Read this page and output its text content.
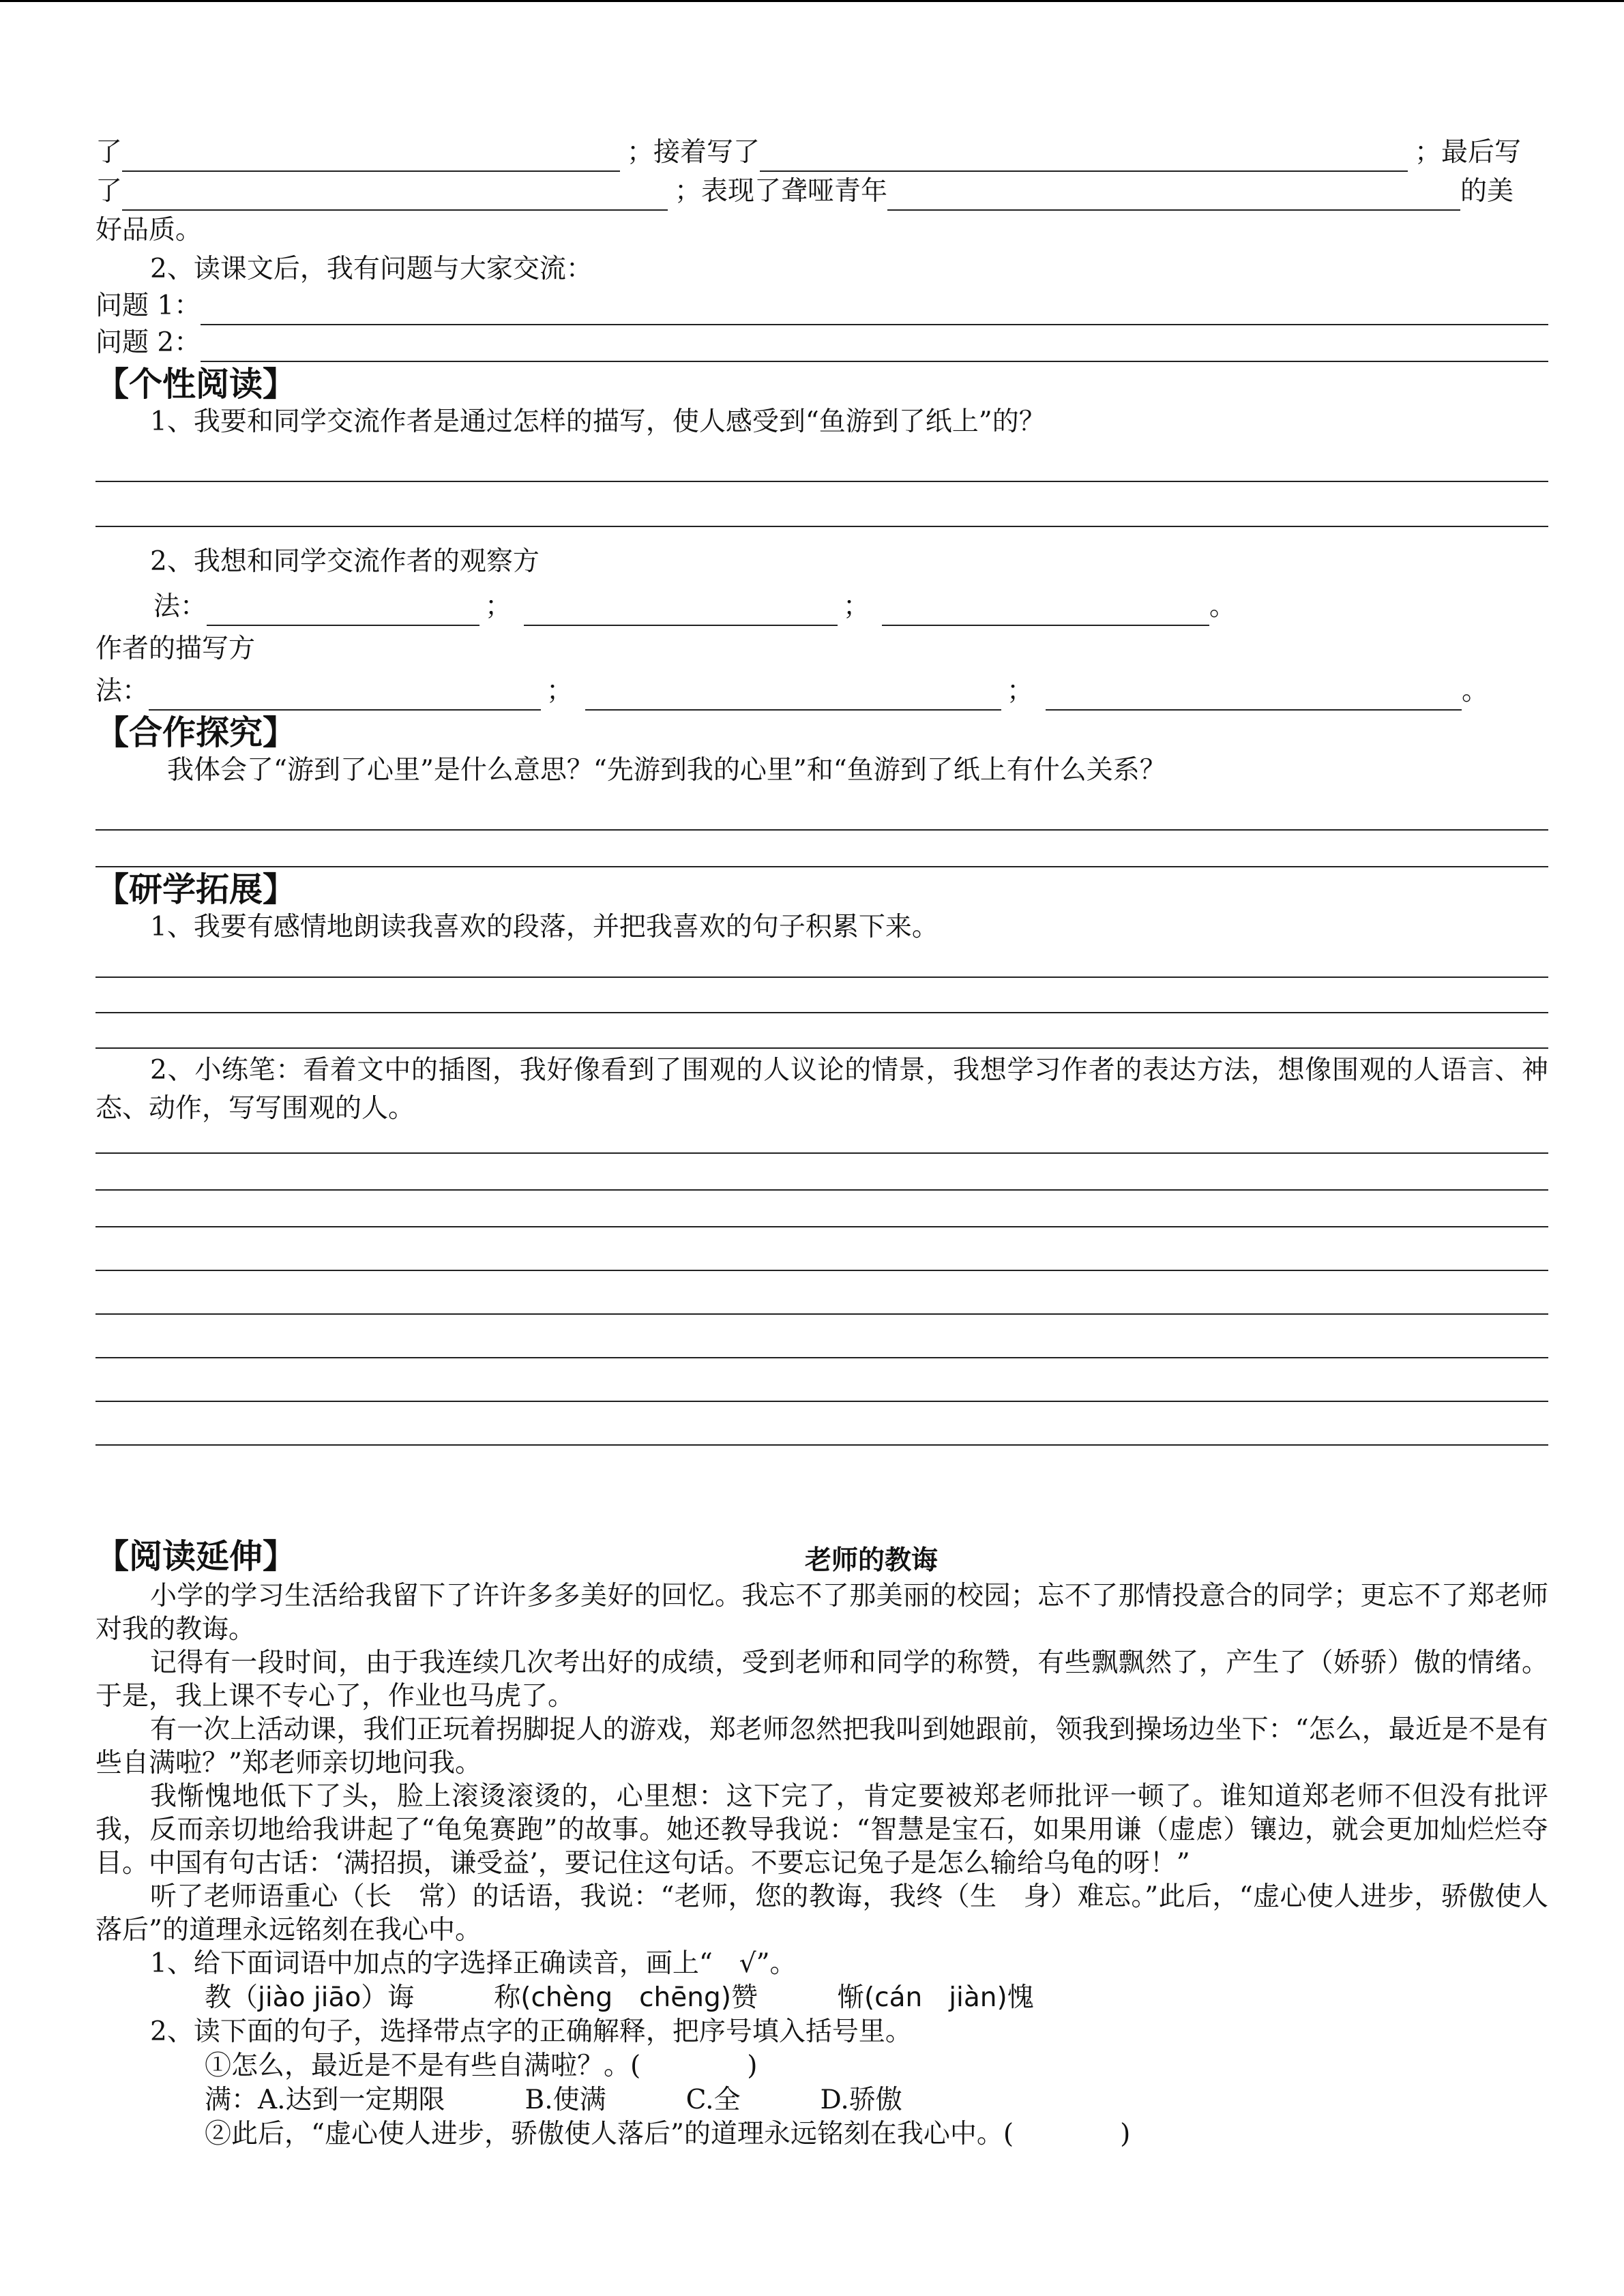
了	；接着写了	；最后写
了	；表现了聋哑青年	的美
好品质。
2、读课文后，我有问题与大家交流：
问题 1：
问题 2：
【个性阅读】
1、我要和同学交流作者是通过怎样的描写，使人感受到“鱼游到了纸上”的？
2、我想和同学交流作者的观察方
法：	；	；	。
作者的描写方
法：	；	；	。
【合作探究】
我体会了“游到了心里”是什么意思？“先游到我的心里”和“鱼游到了纸上有什么关系？
【研学拓展】
1、我要有感情地朗读我喜欢的段落，并把我喜欢的句子积累下来。
2、小练笔：看着文中的插图，我好像看到了围观的人议论的情景，我想学习作者的表达方法，想像围观的人语言、神态、动作，写写围观的人。
【阅读延伸】	老师的教诲
小学的学习生活给我留下了许许多多美好的回忆。我忘不了那美丽的校园；忘不了那情投意合的同学；更忘不了郑老师对我的教诲。
记得有一段时间，由于我连续几次考出好的成绩，受到老师和同学的称赞，有些飘飘然了，产生了（娇骄）傲的情绪。于是，我上课不专心了，作业也马虎了。
有一次上活动课，我们正玩着拐脚捉人的游戏，郑老师忽然把我叫到她跟前，领我到操场边坐下：“怎么，最近是不是有些自满啦？”郑老师亲切地问我。
我惭愧地低下了头，脸上滚烫滚烫的，心里想：这下完了，肯定要被郑老师批评一顿了。谁知道郑老师不但没有批评我，反而亲切地给我讲起了“龟兔赛跑”的故事。她还教导我说：“智慧是宝石，如果用谦（虚虑）镶边，就会更加灿烂烂夺目。中国有句古话：‘满招损，谦受益’，要记住这句话。不要忘记兔子是怎么输给乌龟的呀！”
听了老师语重心（长　常）的话语，我说：“老师，您的教诲，我终（生　身）难忘。”此后，“虚心使人进步，骄傲使人落后”的道理永远铭刻在我心中。
1、给下面词语中加点的字选择正确读音，画上“　√”。
教（jiào jiāo）诲　　　称(chèng　chēng)赞　　　惭(cán　jiàn)愧
2、读下面的句子，选择带点字的正确解释，把序号填入括号里。
①怎么，最近是不是有些自满啦？。(　　　　)
满：A.达到一定期限　　　B.使满　　　C.全　　　D.骄傲
②此后，“虚心使人进步，骄傲使人落后”的道理永远铭刻在我心中。(　　　　)
